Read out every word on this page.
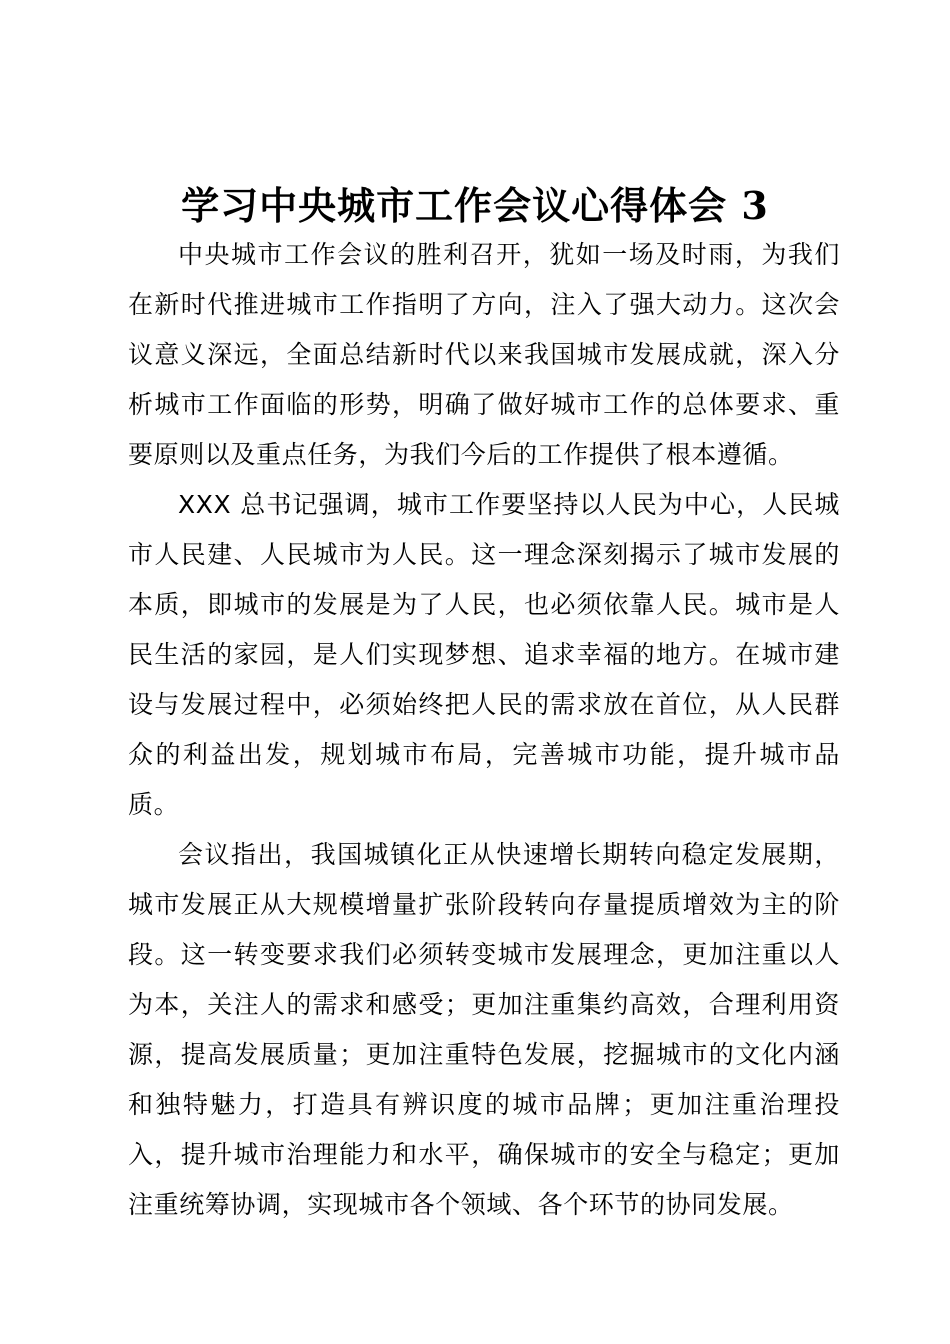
学习中央城市工作会议心得体会 3

中央城市工作会议的胜利召开，犹如一场及时雨，为我们在新时代推进城市工作指明了方向，注入了强大动力。这次会议意义深远，全面总结新时代以来我国城市发展成就，深入分析城市工作面临的形势，明确了做好城市工作的总体要求、重要原则以及重点任务，为我们今后的工作提供了根本遵循。

XXX 总书记强调，城市工作要坚持以人民为中心，人民城市人民建、人民城市为人民。这一理念深刻揭示了城市发展的本质，即城市的发展是为了人民，也必须依靠人民。城市是人民生活的家园，是人们实现梦想、追求幸福的地方。在城市建设与发展过程中，必须始终把人民的需求放在首位，从人民群众的利益出发，规划城市布局，完善城市功能，提升城市品质。

会议指出，我国城镇化正从快速增长期转向稳定发展期，城市发展正从大规模增量扩张阶段转向存量提质增效为主的阶段。这一转变要求我们必须转变城市发展理念，更加注重以人为本，关注人的需求和感受；更加注重集约高效，合理利用资源，提高发展质量；更加注重特色发展，挖掘城市的文化内涵和独特魅力，打造具有辨识度的城市品牌；更加注重治理投入，提升城市治理能力和水平，确保城市的安全与稳定；更加注重统筹协调，实现城市各个领域、各个环节的协同发展。
